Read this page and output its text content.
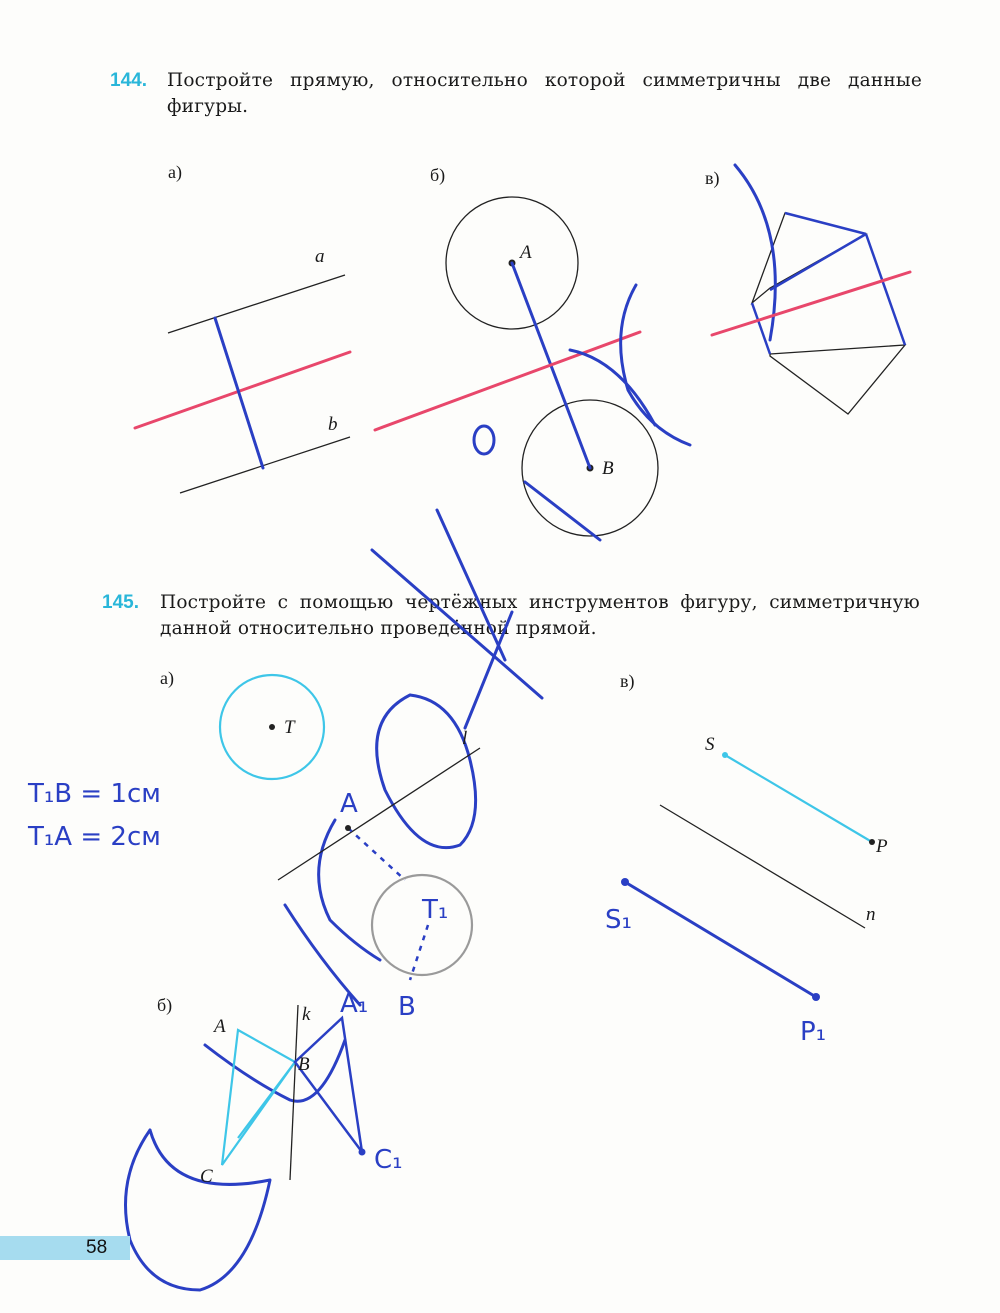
144. Постройте прямую, относительно которой симметричны две данные фигуры.
а)	б)	в)
145. Постройте с помощью чертёжных инструментов фигуру, симметричную данной относительно проведённой прямой.
а)	в)
б)
a
b
A
B
T
l	S
P
n
k
A
B
C
T₁B = 1см
T₁A = 2см
A
T₁
B
A₁
C₁
S₁
P₁
58
